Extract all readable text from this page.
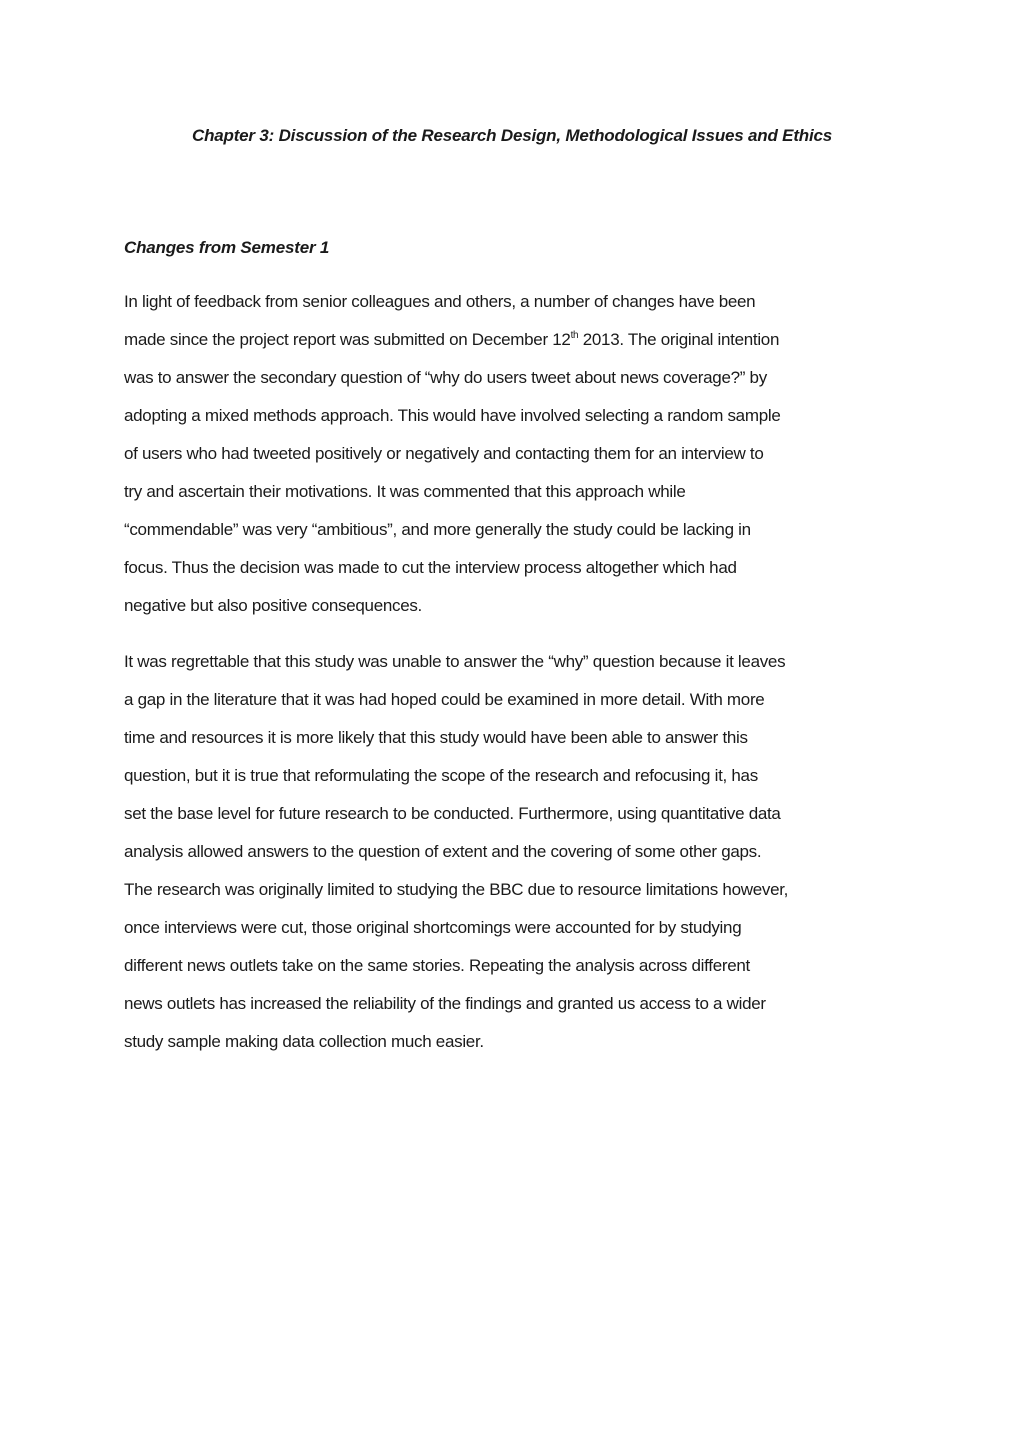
Chapter 3: Discussion of the Research Design, Methodological Issues and Ethics
Changes from Semester 1
In light of feedback from senior colleagues and others, a number of changes have been
made since the project report was submitted on December 12th 2013. The original intention
was to answer the secondary question of “why do users tweet about news coverage?” by
adopting a mixed methods approach. This would have involved selecting a random sample
of users who had tweeted positively or negatively and contacting them for an interview to
try and ascertain their motivations. It was commented that this approach while
“commendable” was very “ambitious”, and more generally the study could be lacking in
focus. Thus the decision was made to cut the interview process altogether which had
negative but also positive consequences.
It was regrettable that this study was unable to answer the “why” question because it leaves
a gap in the literature that it was had hoped could be examined in more detail. With more
time and resources it is more likely that this study would have been able to answer this
question, but it is true that reformulating the scope of the research and refocusing it, has
set the base level for future research to be conducted. Furthermore, using quantitative data
analysis allowed answers to the question of extent and the covering of some other gaps.
The research was originally limited to studying the BBC due to resource limitations however,
once interviews were cut, those original shortcomings were accounted for by studying
different news outlets take on the same stories. Repeating the analysis across different
news outlets has increased the reliability of the findings and granted us access to a wider
study sample making data collection much easier.
